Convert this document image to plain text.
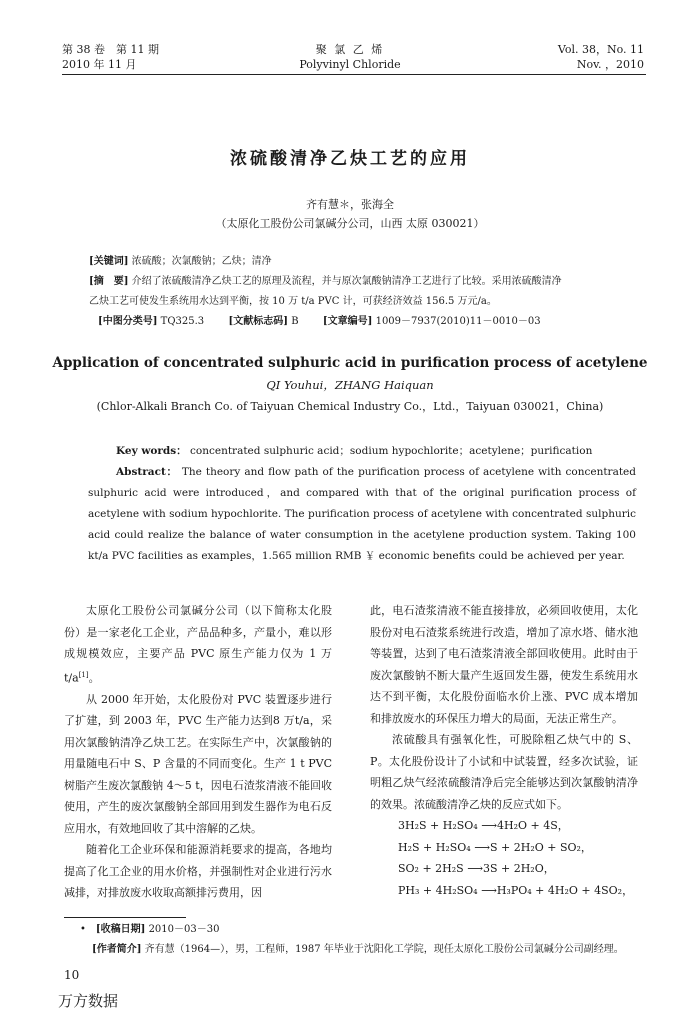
第 38 卷　第 11 期
2010 年 11 月
聚 氯 乙 烯
Polyvinyl Chloride
Vol. 38，No. 11
Nov. ，2010
浓硫酸清净乙炔工艺的应用
齐有慧＊，张海全
（太原化工股份公司氯碱分公司，山西 太原 030021）
[关键词] 浓硫酸；次氯酸钠；乙炔；清净
[摘　要] 介绍了浓硫酸清净乙炔工艺的原理及流程，并与原次氯酸钠清净工艺进行了比较。采用浓硫酸清净
乙炔工艺可使发生系统用水达到平衡，按 10 万 t/a PVC 计，可获经济效益 156.5 万元/a。
[中图分类号] TQ325.3 [文献标志码] B [文章编号] 1009－7937(2010)11－0010－03
Application of concentrated sulphuric acid in purification process of acetylene
QI Youhui，ZHANG Haiquan
(Chlor-Alkali Branch Co. of Taiyuan Chemical Industry Co.，Ltd.，Taiyuan 030021，China)
Key words： concentrated sulphuric acid；sodium hypochlorite；acetylene；purification
Abstract： The theory and flow path of the purification process of acetylene with concentrated sulphuric acid were introduced，and compared with that of the original purification process of acetylene with sodium hypochlorite. The purification process of acetylene with concentrated sulphuric acid could realize the balance of water consumption in the acetylene production system. Taking 100 kt/a PVC facilities as examples，1.565 million RMB ￥ economic benefits could be achieved per year.

太原化工股份公司氯碱分公司（以下简称太化股份）是一家老化工企业，产品品种多，产量小，难以形成规模效应，主要产品 PVC 原生产能力仅为 1 万 t/a[1]。

从 2000 年开始，太化股份对 PVC 装置逐步进行了扩建，到 2003 年，PVC 生产能力达到8 万t/a，采用次氯酸钠清净乙炔工艺。在实际生产中，次氯酸钠的用量随电石中 S、P 含量的不同而变化。生产 1 t PVC 树脂产生废次氯酸钠 4～5 t，因电石渣浆清液不能回收使用，产生的废次氯酸钠全部回用到发生器作为电石反应用水，有效地回收了其中溶解的乙炔。

随着化工企业环保和能源消耗要求的提高，各地均提高了化工企业的用水价格，并强制性对企业进行污水减排，对排放废水收取高额排污费用，因

此，电石渣浆清液不能直接排放，必须回收使用，太化股份对电石渣浆系统进行改造，增加了凉水塔、储水池等装置，达到了电石渣浆清液全部回收使用。此时由于废次氯酸钠不断大量产生返回发生器，使发生系统用水达不到平衡，太化股份面临水价上涨、PVC 成本增加和排放废水的环保压力增大的局面，无法正常生产。

浓硫酸具有强氧化性，可脱除粗乙炔气中的 S、P。太化股份设计了小试和中试装置，经多次试验，证明粗乙炔气经浓硫酸清净后完全能够达到次氯酸钠清净的效果。浓硫酸清净乙炔的反应式如下。

3H₂S + H₂SO₄ ⟶4H₂O + 4S，

H₂S + H₂SO₄ ⟶S + 2H₂O + SO₂，

SO₂ + 2H₂S ⟶3S + 2H₂O，

PH₃ + 4H₂SO₄ ⟶H₃PO₄ + 4H₂O + 4SO₂，

•　[收稿日期] 2010－03－30
[作者简介] 齐有慧（1964—），男，工程师，1987 年毕业于沈阳化工学院，现任太原化工股份公司氯碱分公司副经理。
10
万方数据
